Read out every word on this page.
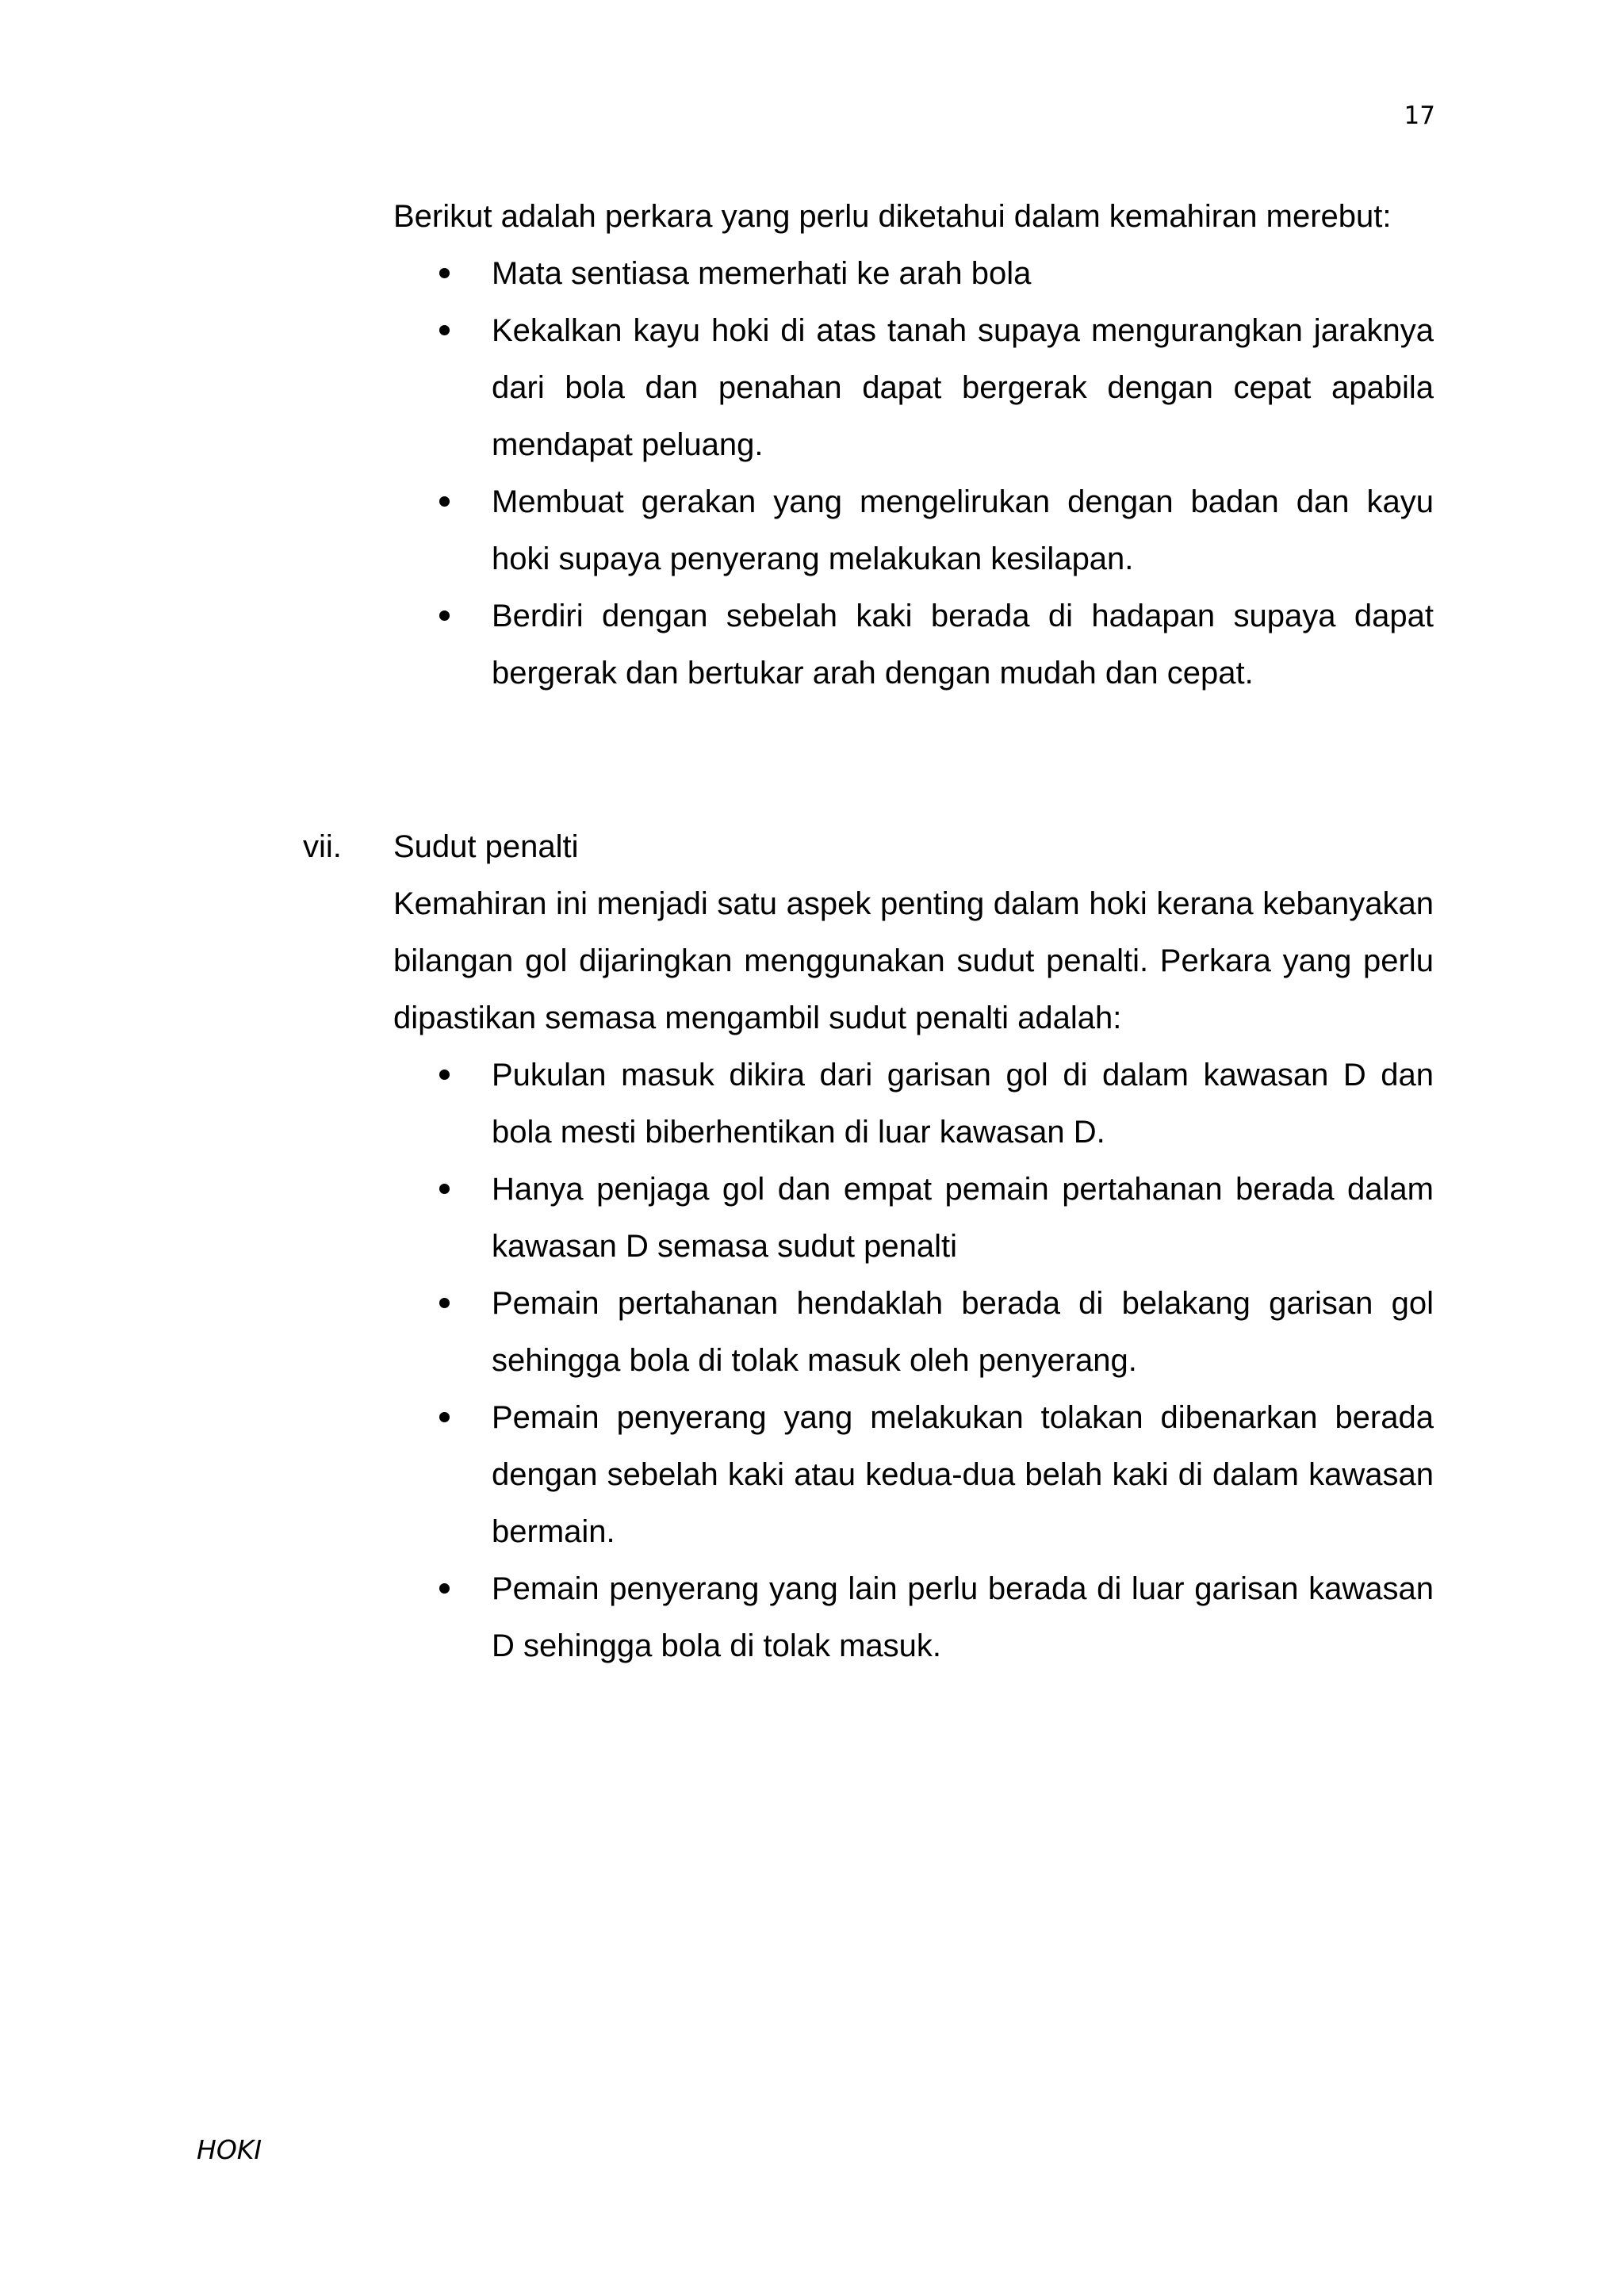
17

Berikut adalah perkara yang perlu diketahui dalam kemahiran merebut:

Mata sentiasa memerhati ke arah bola
Kekalkan kayu hoki di atas tanah supaya mengurangkan jaraknya dari bola dan penahan dapat bergerak dengan cepat apabila mendapat peluang.
Membuat gerakan yang mengelirukan dengan badan dan kayu hoki supaya penyerang melakukan kesilapan.
Berdiri dengan sebelah kaki berada di hadapan supaya dapat bergerak dan bertukar arah dengan mudah dan cepat.
vii. Sudut penalti

Kemahiran ini menjadi satu aspek penting dalam hoki kerana kebanyakan bilangan gol dijaringkan menggunakan sudut penalti. Perkara yang perlu dipastikan semasa mengambil sudut penalti adalah:

Pukulan masuk dikira dari garisan gol di dalam kawasan D dan bola mesti biberhentikan di luar kawasan D.
Hanya penjaga gol dan empat pemain pertahanan berada dalam kawasan D semasa sudut penalti
Pemain pertahanan hendaklah berada di belakang garisan gol sehingga bola di tolak masuk oleh penyerang.
Pemain penyerang yang melakukan tolakan dibenarkan berada dengan sebelah kaki atau kedua-dua belah kaki di dalam kawasan bermain.
Pemain penyerang yang lain perlu berada di luar garisan kawasan D sehingga bola di tolak masuk.
HOKI
